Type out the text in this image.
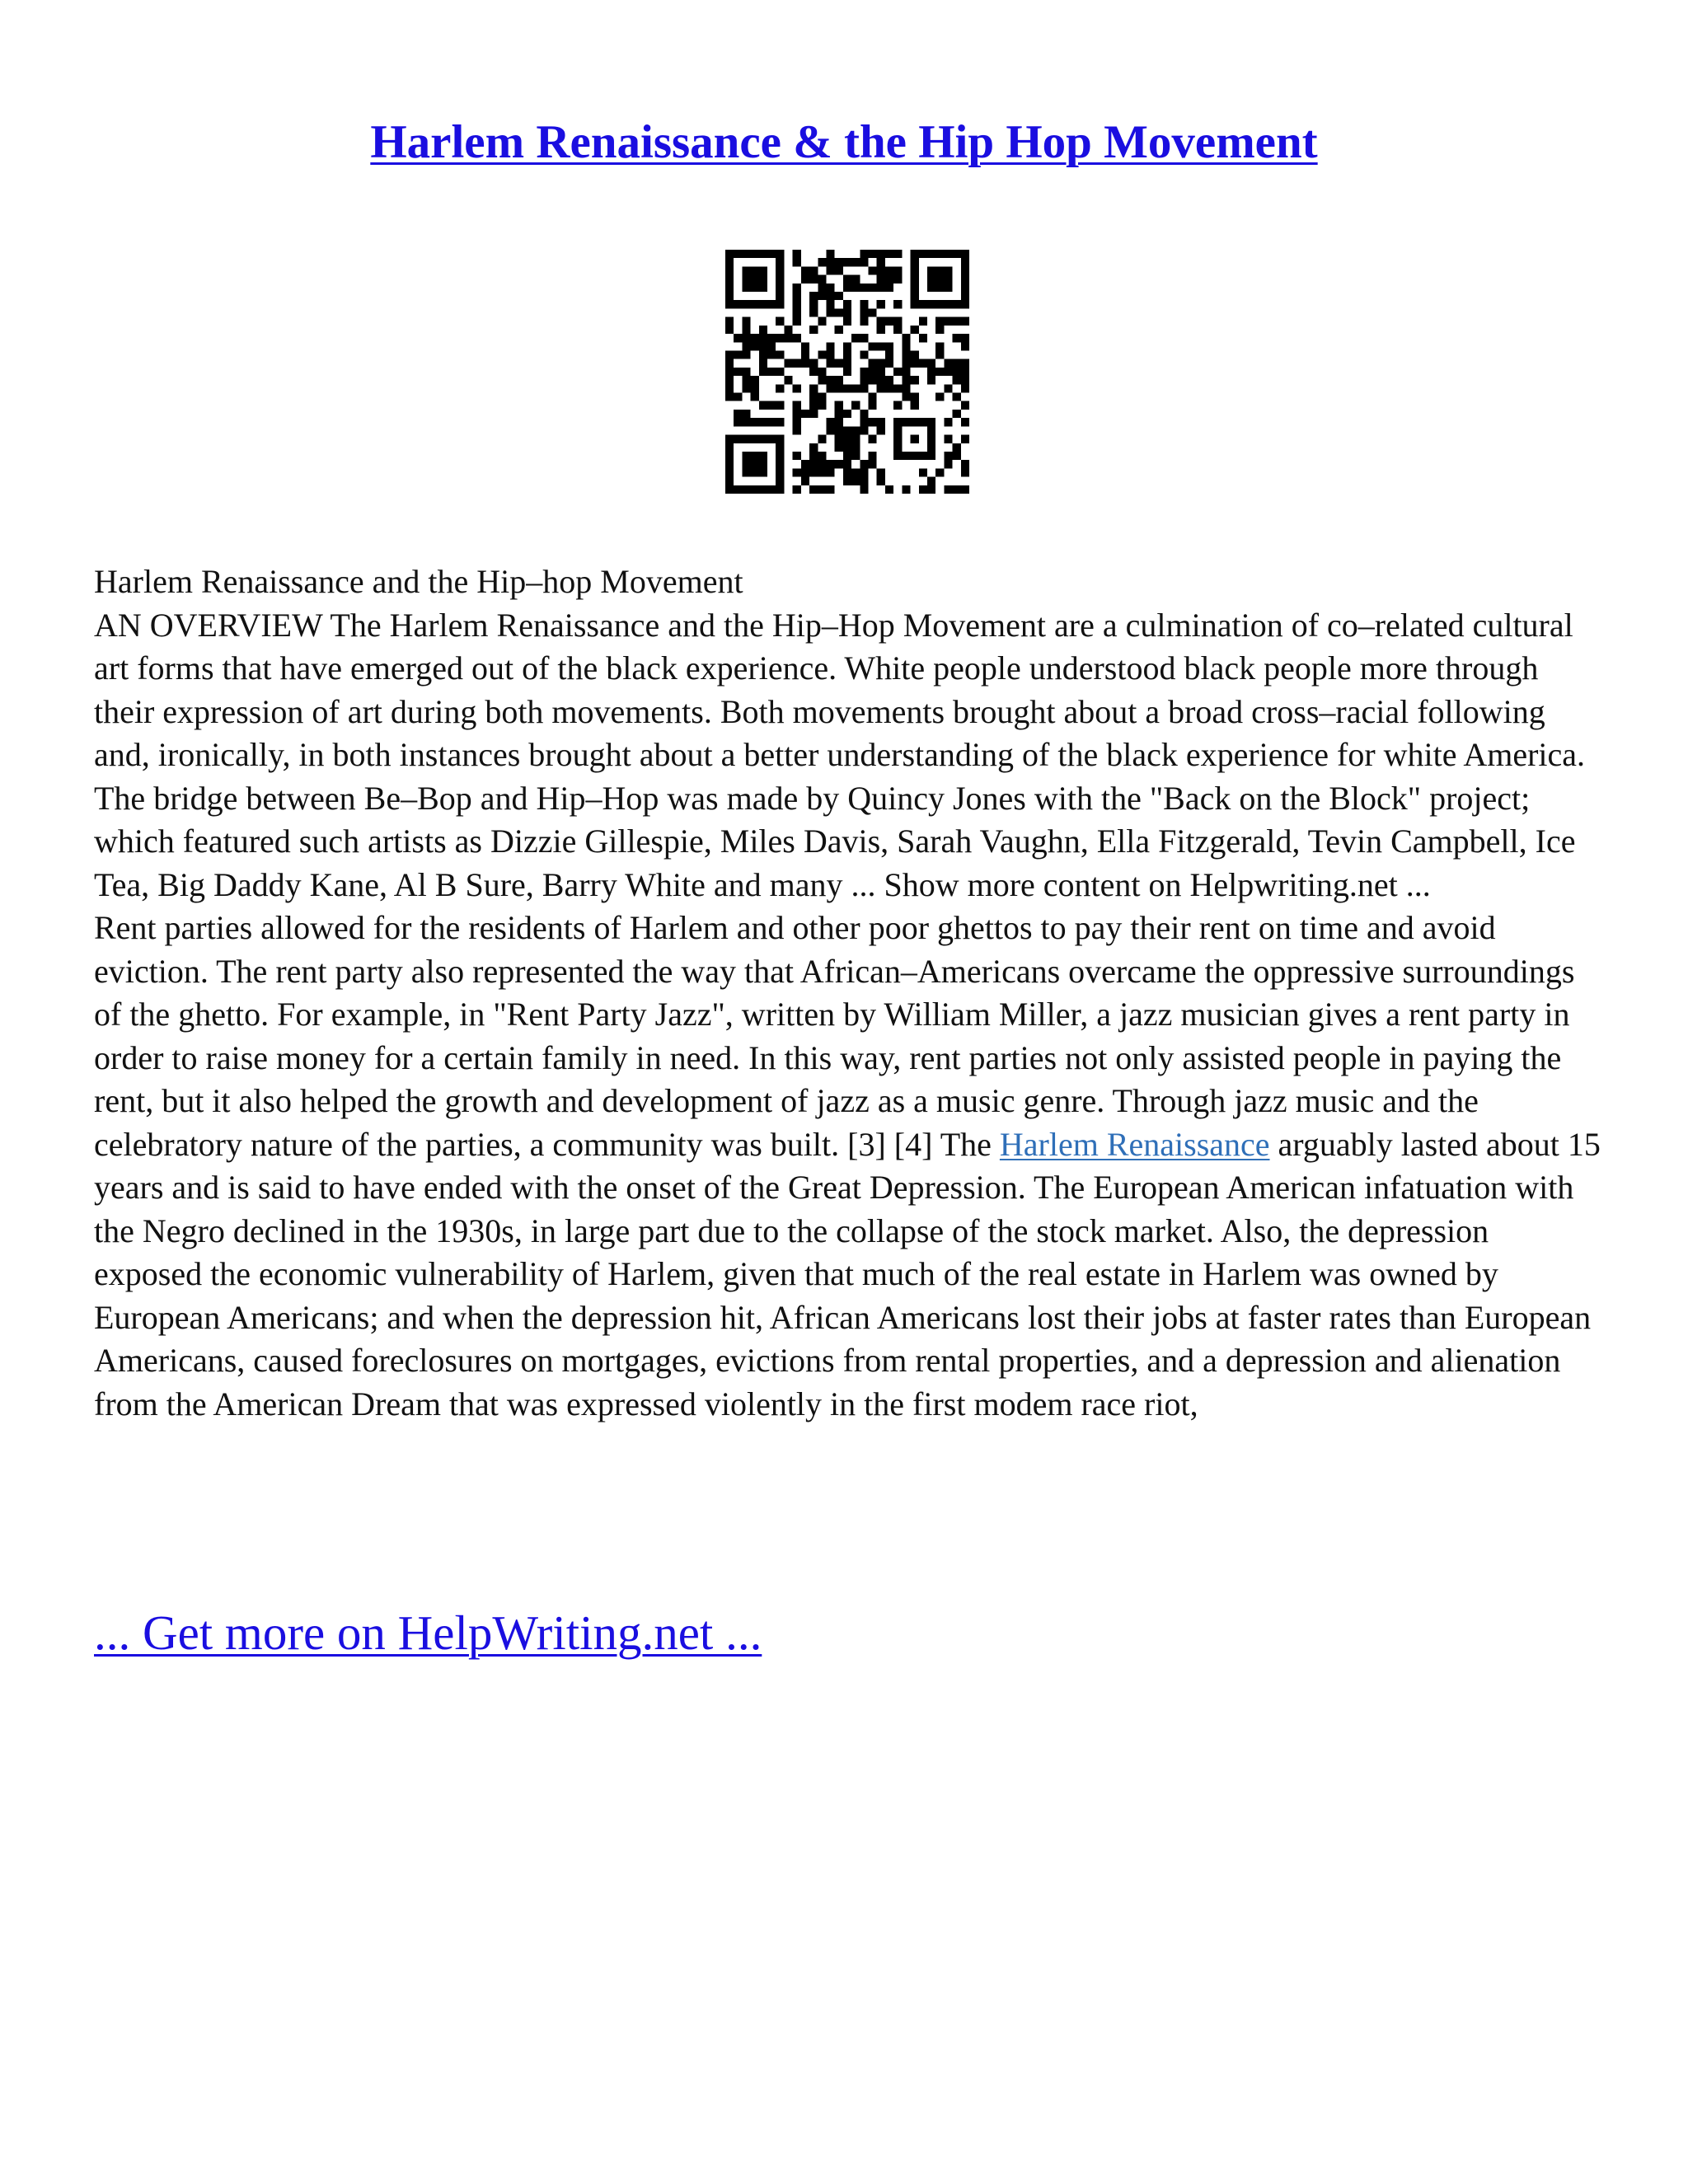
Harlem Renaissance & the Hip Hop Movement

Harlem Renaissance and the Hip–hop Movement

AN OVERVIEW The Harlem Renaissance and the Hip–Hop Movement are a culmination of co–related cultural art forms that have emerged out of the black experience. White people understood black people more through their expression of art during both movements. Both movements brought about a broad cross–racial following and, ironically, in both instances brought about a better understanding of the black experience for white America. The bridge between Be–Bop and Hip–Hop was made by Quincy Jones with the "Back on the Block" project; which featured such artists as Dizzie Gillespie, Miles Davis, Sarah Vaughn, Ella Fitzgerald, Tevin Campbell, Ice Tea, Big Daddy Kane, Al B Sure, Barry White and many ... Show more content on Helpwriting.net ...

Rent parties allowed for the residents of Harlem and other poor ghettos to pay their rent on time and avoid eviction. The rent party also represented the way that African–Americans overcame the oppressive surroundings of the ghetto. For example, in "Rent Party Jazz", written by William Miller, a jazz musician gives a rent party in order to raise money for a certain family in need. In this way, rent parties not only assisted people in paying the rent, but it also helped the growth and development of jazz as a music genre. Through jazz music and the celebratory nature of the parties, a community was built. [3] [4] The Harlem Renaissance arguably lasted about 15 years and is said to have ended with the onset of the Great Depression. The European American infatuation with the Negro declined in the 1930s, in large part due to the collapse of the stock market. Also, the depression exposed the economic vulnerability of Harlem, given that much of the real estate in Harlem was owned by European Americans; and when the depression hit, African Americans lost their jobs at faster rates than European Americans, caused foreclosures on mortgages, evictions from rental properties, and a depression and alienation from the American Dream that was expressed violently in the first modem race riot,

... Get more on HelpWriting.net ...
